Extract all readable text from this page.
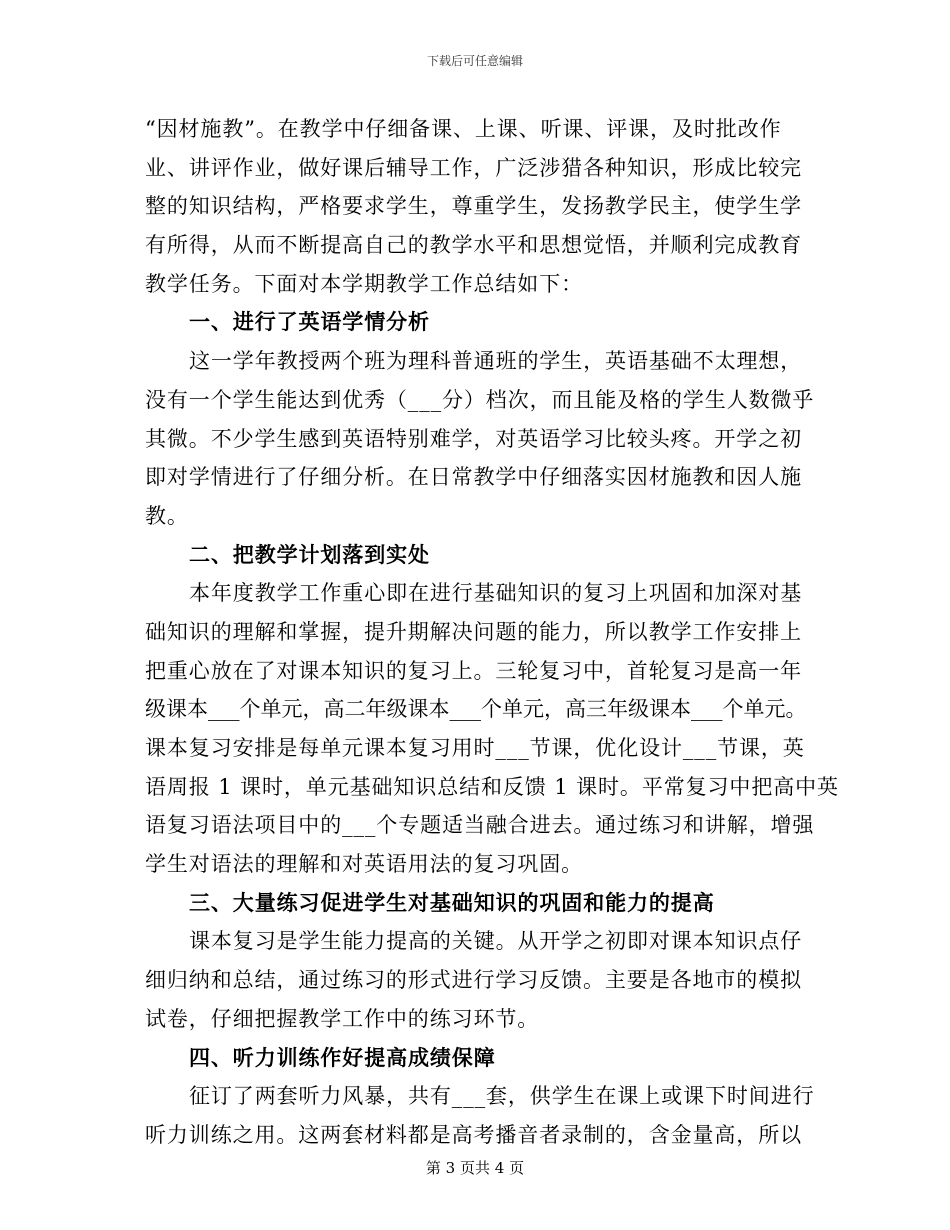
下载后可任意编辑
“因材施教”。在教学中仔细备课、上课、听课、评课，及时批改作
业、讲评作业，做好课后辅导工作，广泛涉猎各种知识，形成比较完
整的知识结构，严格要求学生，尊重学生，发扬教学民主，使学生学
有所得，从而不断提高自己的教学水平和思想觉悟，并顺利完成教育
教学任务。下面对本学期教学工作总结如下：
一、进行了英语学情分析
这一学年教授两个班为理科普通班的学生，英语基础不太理想，
没有一个学生能达到优秀（___分）档次，而且能及格的学生人数微乎
其微。不少学生感到英语特别难学，对英语学习比较头疼。开学之初
即对学情进行了仔细分析。在日常教学中仔细落实因材施教和因人施
教。
二、把教学计划落到实处
本年度教学工作重心即在进行基础知识的复习上巩固和加深对基
础知识的理解和掌握，提升期解决问题的能力，所以教学工作安排上
把重心放在了对课本知识的复习上。三轮复习中，首轮复习是高一年
级课本___个单元，高二年级课本___个单元，高三年级课本___个单元。
课本复习安排是每单元课本复习用时___节课，优化设计___节课，英
语周报 1 课时，单元基础知识总结和反馈 1 课时。平常复习中把高中英
语复习语法项目中的___个专题适当融合进去。通过练习和讲解，增强
学生对语法的理解和对英语用法的复习巩固。
三、大量练习促进学生对基础知识的巩固和能力的提高
课本复习是学生能力提高的关键。从开学之初即对课本知识点仔
细归纳和总结，通过练习的形式进行学习反馈。主要是各地市的模拟
试卷，仔细把握教学工作中的练习环节。
四、听力训练作好提高成绩保障
征订了两套听力风暴，共有___套，供学生在课上或课下时间进行
听力训练之用。这两套材料都是高考播音者录制的，含金量高，所以
第 3 页共 4 页
